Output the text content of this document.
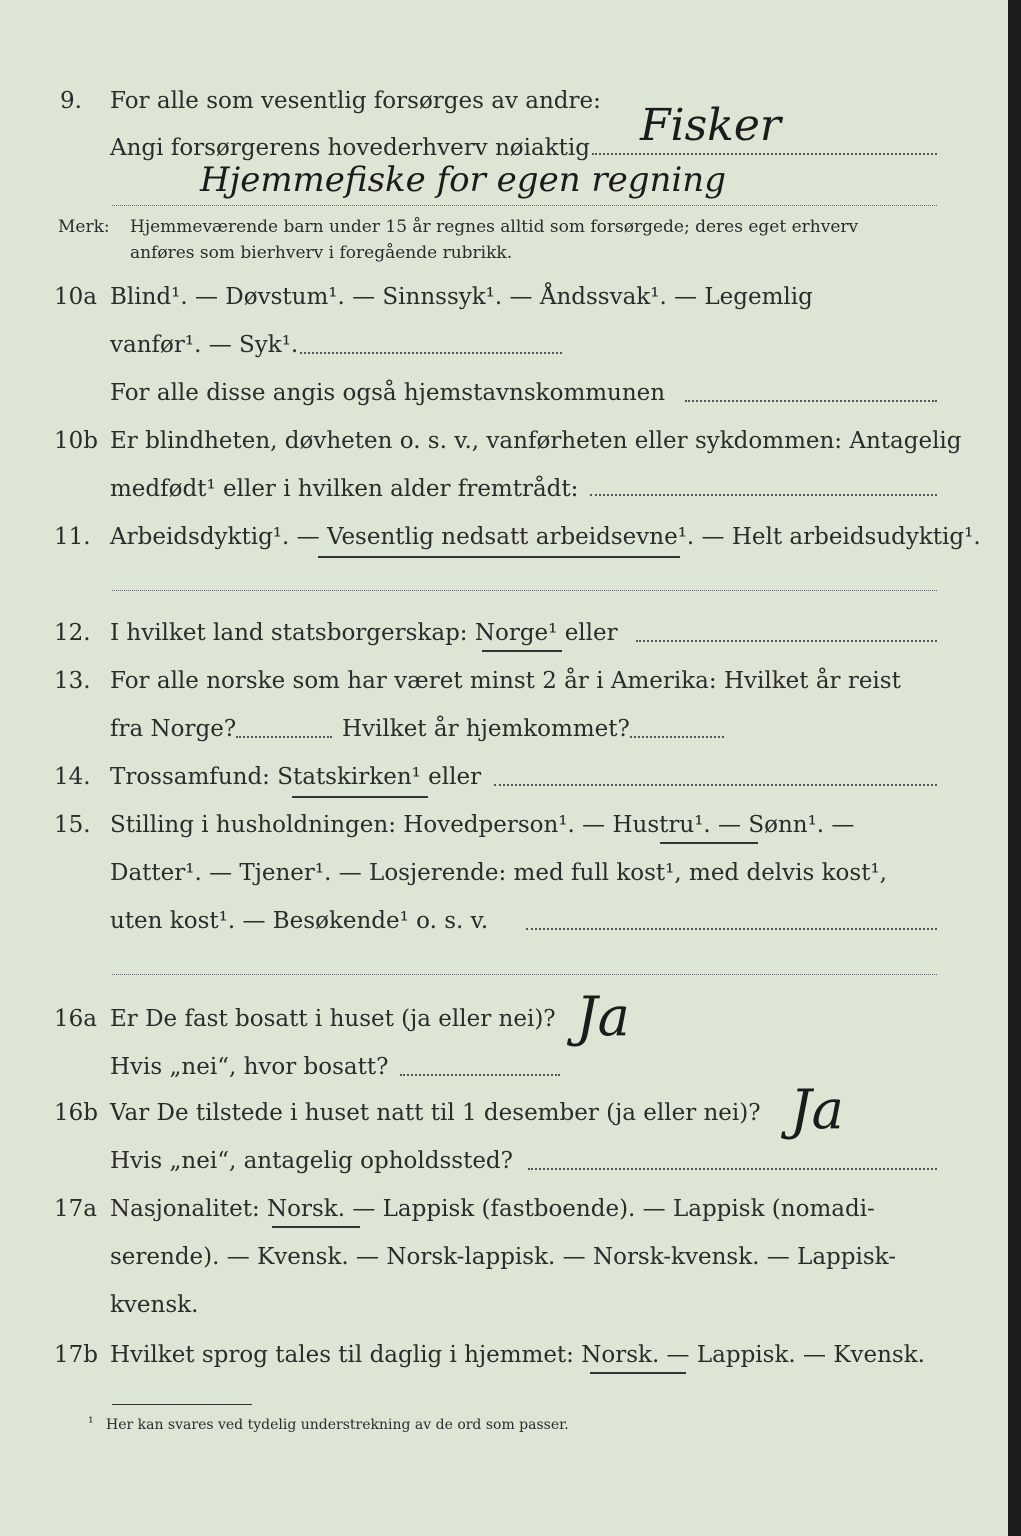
9. For alle som vesentlig forsørges av andre:
Angi forsørgerens hovederhverv nøiaktig Fisker
Hjemmefiske for egen regning
Merk: Hjemmeværende barn under 15 år regnes alltid som forsørgede; deres eget erhverv
anføres som bierhverv i foregående rubrikk.
10a Blind¹. — Døvstum¹. — Sinnssyk¹. — Åndssvak¹. — Legemlig
vanfør¹. — Syk¹.
For alle disse angis også hjemstavnskommunen
10b Er blindheten, døvheten o. s. v., vanførheten eller sykdommen: Antagelig
medfødt¹ eller i hvilken alder fremtrådt:
11. Arbeidsdyktig¹. — Vesentlig nedsatt arbeidsevne¹. — Helt arbeidsudyktig¹.
12. I hvilket land statsborgerskap: Norge¹ eller
13. For alle norske som har været minst 2 år i Amerika: Hvilket år reist
fra Norge?	Hvilket år hjemkommet?
14. Trossamfund: Statskirken¹ eller
15. Stilling i husholdningen: Hovedperson¹. — Hustru¹. — Sønn¹. —
Datter¹. — Tjener¹. — Losjerende: med full kost¹, med delvis kost¹,
uten kost¹. — Besøkende¹ o. s. v.
16a Er De fast bosatt i huset (ja eller nei)? Ja
Hvis „nei“, hvor bosatt?
16b Var De tilstede i huset natt til 1 desember (ja eller nei)? Ja
Hvis „nei“, antagelig opholdssted?
17a Nasjonalitet: Norsk. — Lappisk (fastboende). — Lappisk (nomadi-
serende). — Kvensk. — Norsk-lappisk. — Norsk-kvensk. — Lappisk-
kvensk.
17b Hvilket sprog tales til daglig i hjemmet: Norsk. — Lappisk. — Kvensk.
¹ Her kan svares ved tydelig understrekning av de ord som passer.
